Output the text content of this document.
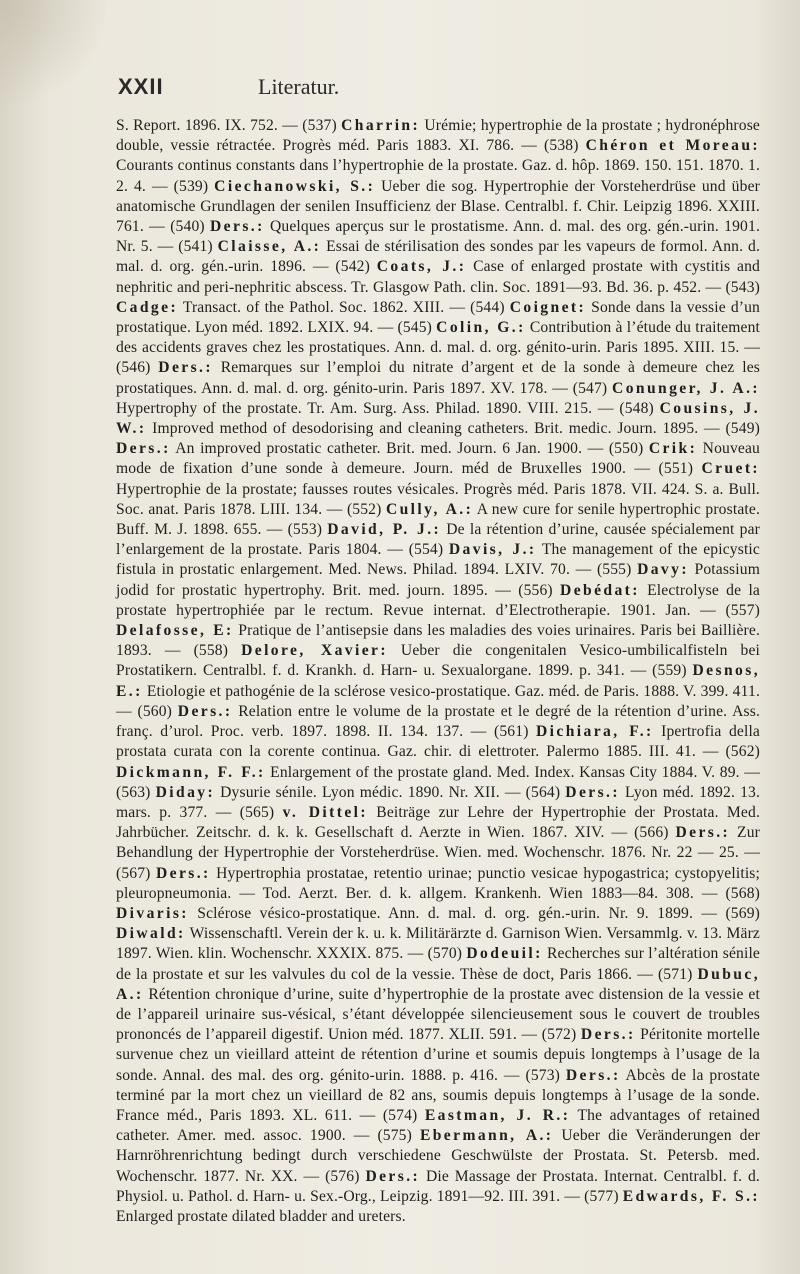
XXII	Literatur.
S. Report. 1896. IX. 752. — (537) Charrin: Urémie; hypertrophie de la prostate ; hydronéphrose double, vessie rétractée. Progrès méd. Paris 1883. XI. 786. — (538) Chéron et Moreau: Courants continus constants dans l’hypertrophie de la prostate. Gaz. d. hôp. 1869. 150. 151. 1870. 1. 2. 4. — (539) Ciechanowski, S.: Ueber die sog. Hypertrophie der Vorsteherdrüse und über anatomische Grundlagen der senilen Insufficienz der Blase. Centralbl. f. Chir. Leipzig 1896. XXIII. 761. — (540) Ders.: Quelques aperçus sur le prostatisme. Ann. d. mal. des org. gén.-urin. 1901. Nr. 5. — (541) Claisse, A.: Essai de stérilisation des sondes par les vapeurs de formol. Ann. d. mal. d. org. gén.-urin. 1896. — (542) Coats, J.: Case of enlarged prostate with cystitis and nephritic and peri-nephritic abscess. Tr. Glasgow Path. clin. Soc. 1891—93. Bd. 36. p. 452. — (543) Cadge: Transact. of the Pathol. Soc. 1862. XIII. — (544) Coignet: Sonde dans la vessie d’un prostatique. Lyon méd. 1892. LXIX. 94. — (545) Colin, G.: Contribution à l’étude du traitement des accidents graves chez les prostatiques. Ann. d. mal. d. org. génito-urin. Paris 1895. XIII. 15. — (546) Ders.: Remarques sur l’emploi du nitrate d’argent et de la sonde à demeure chez les prostatiques. Ann. d. mal. d. org. génito-urin. Paris 1897. XV. 178. — (547) Conunger, J. A.: Hypertrophy of the prostate. Tr. Am. Surg. Ass. Philad. 1890. VIII. 215. — (548) Cousins, J. W.: Improved method of desodorising and cleaning catheters. Brit. medic. Journ. 1895. — (549) Ders.: An improved prostatic catheter. Brit. med. Journ. 6 Jan. 1900. — (550) Crik: Nouveau mode de fixation d’une sonde à demeure. Journ. méd de Bruxelles 1900. — (551) Cruet: Hypertrophie de la prostate; fausses routes vésicales. Progrès méd. Paris 1878. VII. 424. S. a. Bull. Soc. anat. Paris 1878. LIII. 134. — (552) Cully, A.: A new cure for senile hypertrophic prostate. Buff. M. J. 1898. 655. — (553) David, P. J.: De la rétention d’urine, causée spécialement par l’enlargement de la prostate. Paris 1804. — (554) Davis, J.: The management of the epicystic fistula in prostatic enlargement. Med. News. Philad. 1894. LXIV. 70. — (555) Davy: Potassium jodid for prostatic hypertrophy. Brit. med. journ. 1895. — (556) Debédat: Electrolyse de la prostate hypertrophiée par le rectum. Revue internat. d’Electrotherapie. 1901. Jan. — (557) Delafosse, E: Pratique de l’antisepsie dans les maladies des voies urinaires. Paris bei Baillière. 1893. — (558) Delore, Xavier: Ueber die congenitalen Vesico-umbilicalfisteln bei Prostatikern. Centralbl. f. d. Krankh. d. Harn- u. Sexualorgane. 1899. p. 341. — (559) Desnos, E.: Etiologie et pathogénie de la sclérose vesico-prostatique. Gaz. méd. de Paris. 1888. V. 399. 411. — (560) Ders.: Relation entre le volume de la prostate et le degré de la rétention d’urine. Ass. franç. d’urol. Proc. verb. 1897. 1898. II. 134. 137. — (561) Dichiara, F.: Ipertrofia della prostata curata con la corente continua. Gaz. chir. di elettroter. Palermo 1885. III. 41. — (562) Dickmann, F. F.: Enlargement of the prostate gland. Med. Index. Kansas City 1884. V. 89. — (563) Diday: Dysurie sénile. Lyon médic. 1890. Nr. XII. — (564) Ders.: Lyon méd. 1892. 13. mars. p. 377. — (565) v. Dittel: Beiträge zur Lehre der Hypertrophie der Prostata. Med. Jahrbücher. Zeitschr. d. k. k. Gesellschaft d. Aerzte in Wien. 1867. XIV. — (566) Ders.: Zur Behandlung der Hypertrophie der Vorsteherdrüse. Wien. med. Wochenschr. 1876. Nr. 22 — 25. — (567) Ders.: Hypertrophia prostatae, retentio urinae; punctio vesicae hypogastrica; cystopyelitis; pleuropneumonia. — Tod. Aerzt. Ber. d. k. allgem. Krankenh. Wien 1883—84. 308. — (568) Divaris: Sclérose vésico-prostatique. Ann. d. mal. d. org. gén.-urin. Nr. 9. 1899. — (569) Diwald: Wissenschaftl. Verein der k. u. k. Militärärzte d. Garnison Wien. Versammlg. v. 13. März 1897. Wien. klin. Wochenschr. XXXIX. 875. — (570) Dodeuil: Recherches sur l’altération sénile de la prostate et sur les valvules du col de la vessie. Thèse de doct, Paris 1866. — (571) Dubuc, A.: Rétention chronique d’urine, suite d’hypertrophie de la prostate avec distension de la vessie et de l’appareil urinaire sus-vésical, s’étant développée silencieusement sous le couvert de troubles prononcés de l’appareil digestif. Union méd. 1877. XLII. 591. — (572) Ders.: Péritonite mortelle survenue chez un vieillard atteint de rétention d’urine et soumis depuis longtemps à l’usage de la sonde. Annal. des mal. des org. génito-urin. 1888. p. 416. — (573) Ders.: Abcès de la prostate terminé par la mort chez un vieillard de 82 ans, soumis depuis longtemps à l’usage de la sonde. France méd., Paris 1893. XL. 611. — (574) Eastman, J. R.: The advantages of retained catheter. Amer. med. assoc. 1900. — (575) Ebermann, A.: Ueber die Veränderungen der Harnröhrenrichtung bedingt durch verschiedene Geschwülste der Prostata. St. Petersb. med. Wochenschr. 1877. Nr. XX. — (576) Ders.: Die Massage der Prostata. Internat. Centralbl. f. d. Physiol. u. Pathol. d. Harn- u. Sex.-Org., Leipzig. 1891—92. III. 391. — (577) Edwards, F. S.: Enlarged prostate dilated bladder and ureters.
